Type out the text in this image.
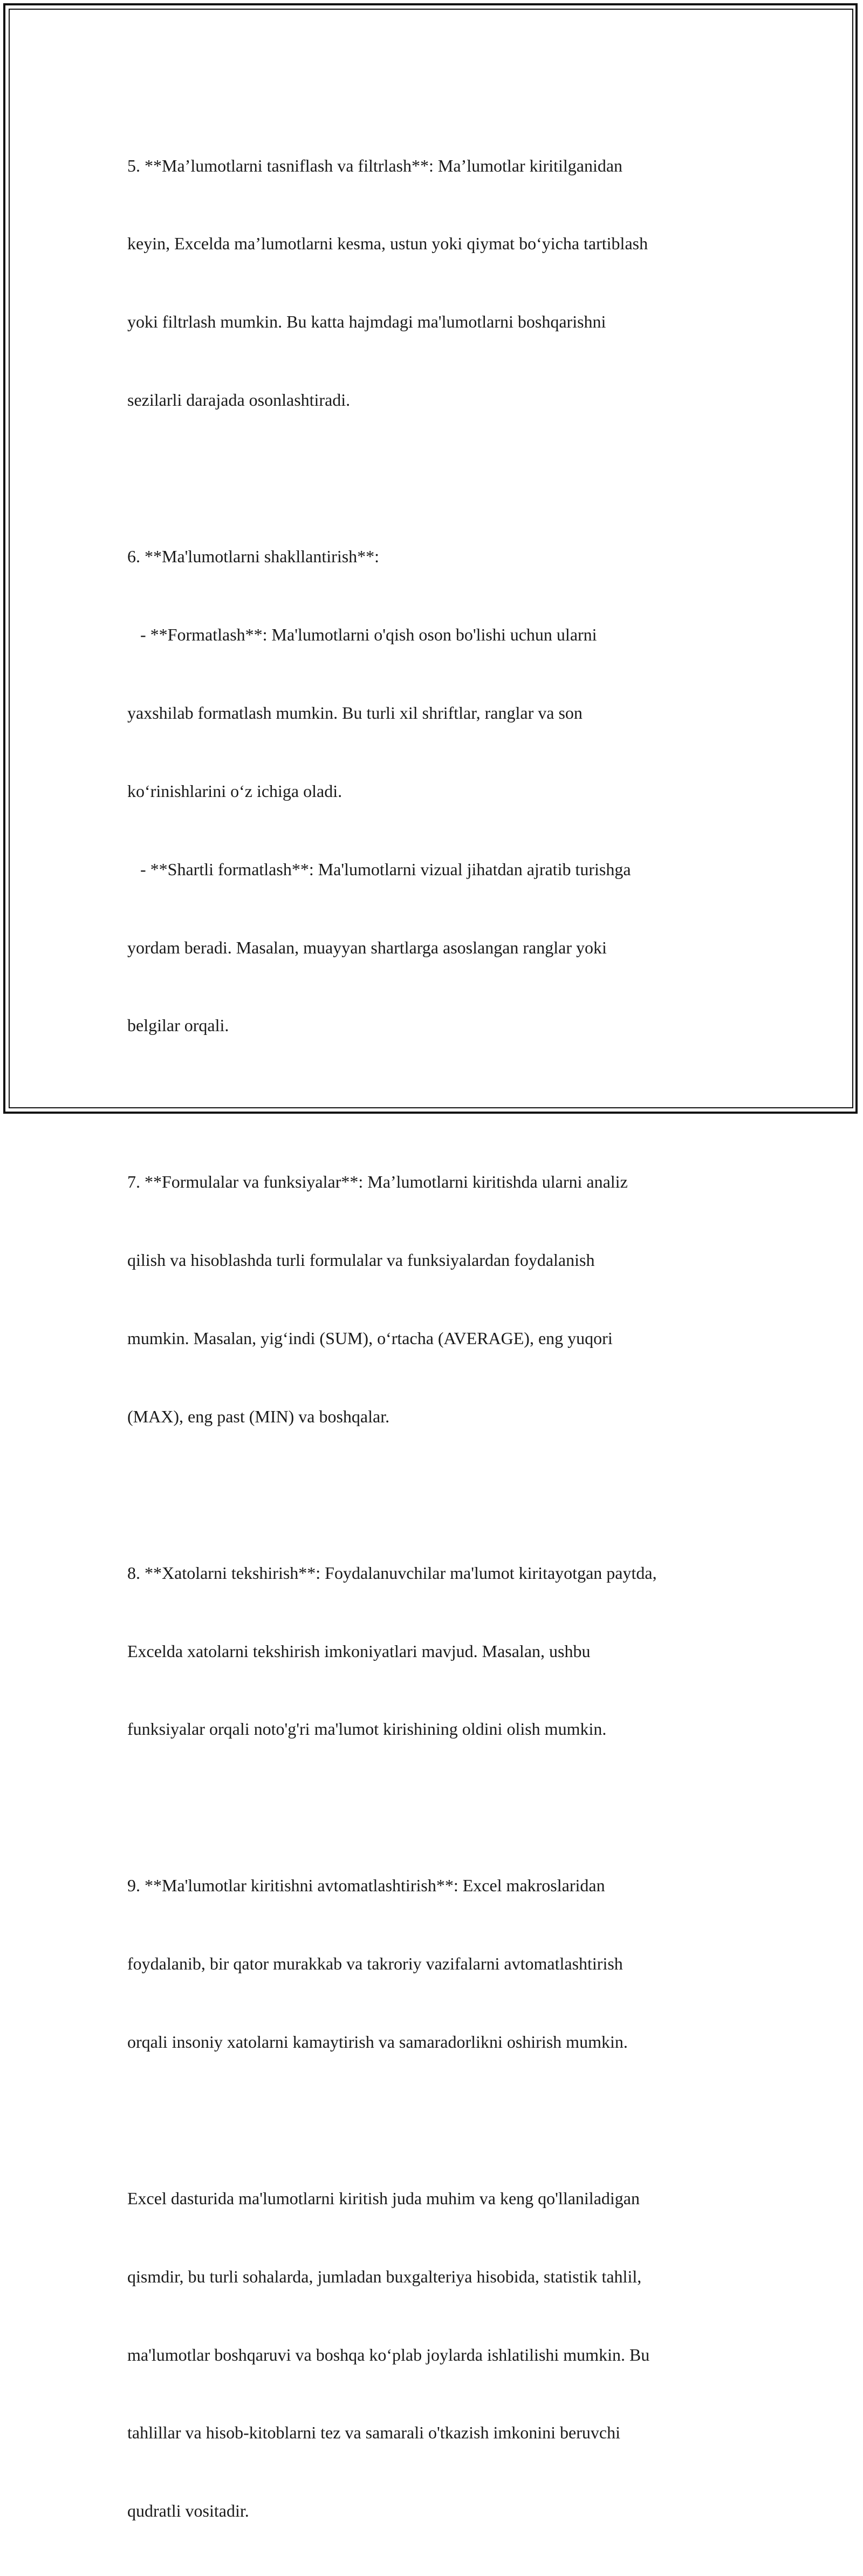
5. **Ma’lumotlarni tasniflash va filtrlash**: Ma’lumotlar kiritilganidan

keyin, Excelda ma’lumotlarni kesma, ustun yoki qiymat bo‘yicha tartiblash

yoki filtrlash mumkin. Bu katta hajmdagi ma'lumotlarni boshqarishni

sezilarli darajada osonlashtiradi.

6. **Ma'lumotlarni shakllantirish**:

- **Formatlash**: Ma'lumotlarni o'qish oson bo'lishi uchun ularni

yaxshilab formatlash mumkin. Bu turli xil shriftlar, ranglar va son

ko‘rinishlarini o‘z ichiga oladi.

- **Shartli formatlash**: Ma'lumotlarni vizual jihatdan ajratib turishga

yordam beradi. Masalan, muayyan shartlarga asoslangan ranglar yoki

belgilar orqali.

7. **Formulalar va funksiyalar**: Ma’lumotlarni kiritishda ularni analiz

qilish va hisoblashda turli formulalar va funksiyalardan foydalanish

mumkin. Masalan, yig‘indi (SUM), o‘rtacha (AVERAGE), eng yuqori

(MAX), eng past (MIN) va boshqalar.

8. **Xatolarni tekshirish**: Foydalanuvchilar ma'lumot kiritayotgan paytda,

Excelda xatolarni tekshirish imkoniyatlari mavjud. Masalan, ushbu

funksiyalar orqali noto'g'ri ma'lumot kirishining oldini olish mumkin.

9. **Ma'lumotlar kiritishni avtomatlashtirish**: Excel makroslaridan

foydalanib, bir qator murakkab va takroriy vazifalarni avtomatlashtirish

orqali insoniy xatolarni kamaytirish va samaradorlikni oshirish mumkin.

Excel dasturida ma'lumotlarni kiritish juda muhim va keng qo'llaniladigan

qismdir, bu turli sohalarda, jumladan buxgalteriya hisobida, statistik tahlil,

ma'lumotlar boshqaruvi va boshqa ko‘plab joylarda ishlatilishi mumkin. Bu

tahlillar va hisob-kitoblarni tez va samarali o'tkazish imkonini beruvchi

qudratli vositadir.
